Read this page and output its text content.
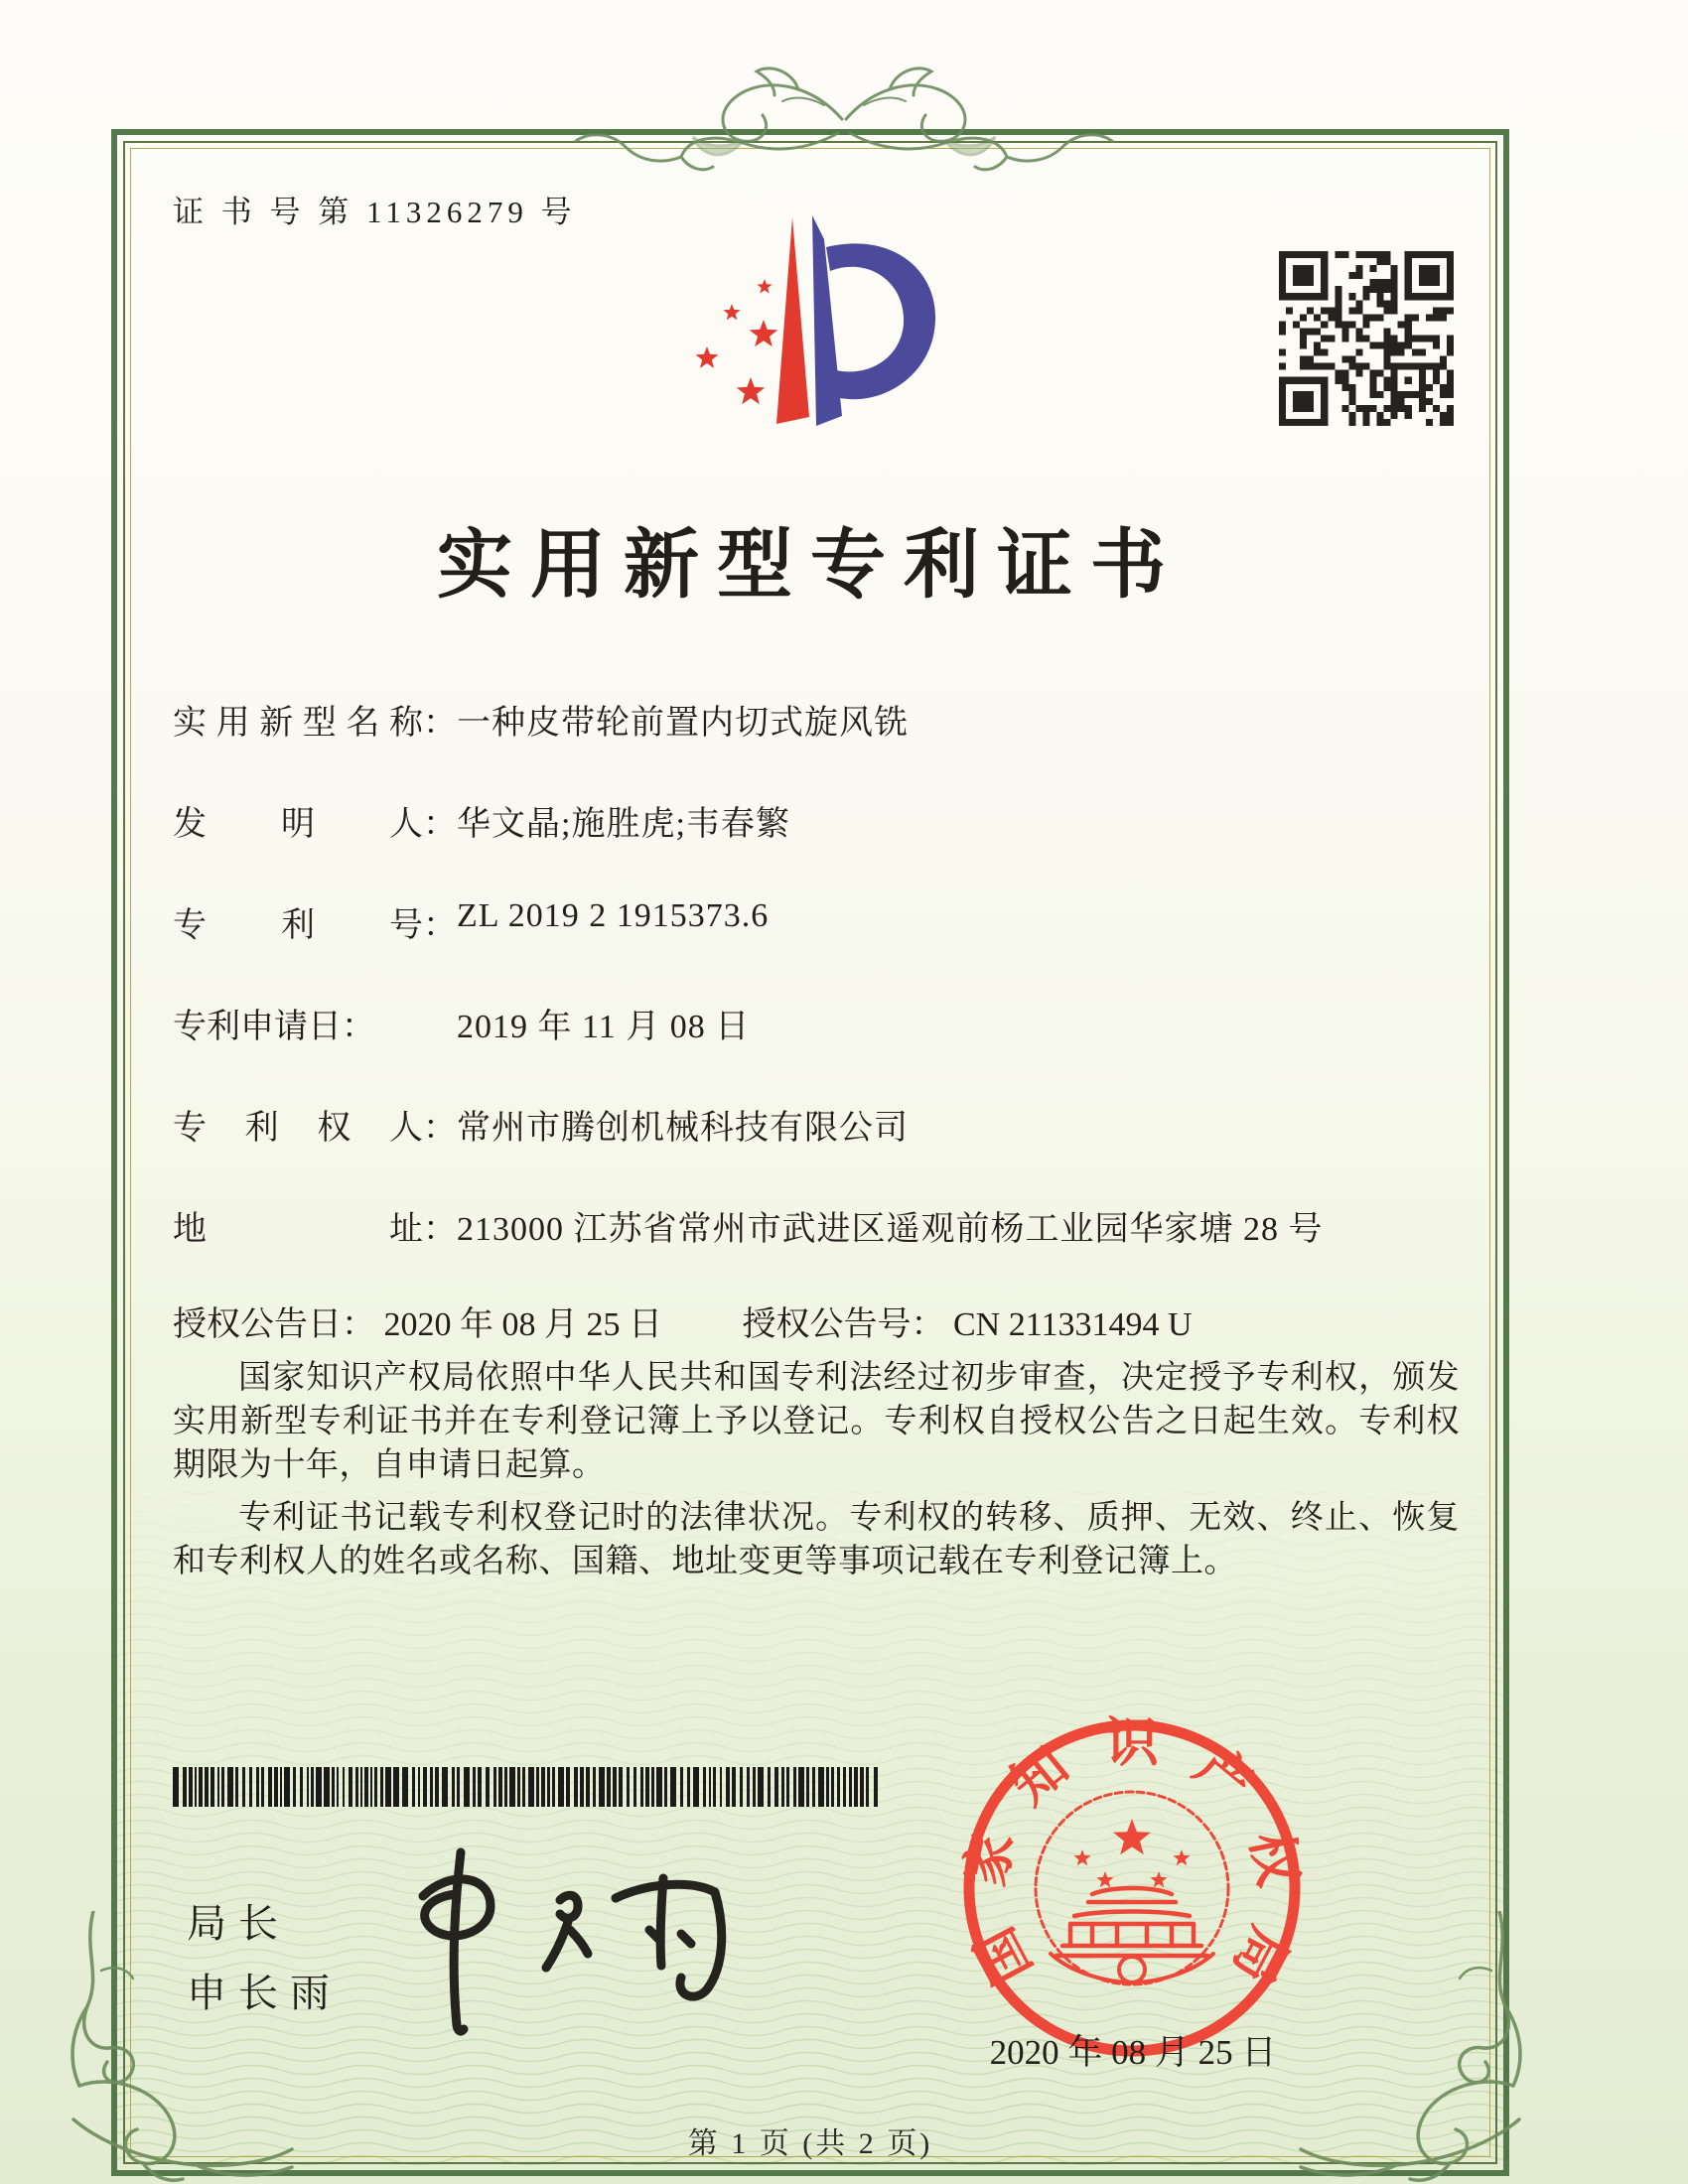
证 书 号 第 11326279 号
实用新型专利证书
实用新型名称： 一种皮带轮前置内切式旋风铣
发明人： 华文晶;施胜虎;韦春繁
专利号： ZL 2019 2 1915373.6
专利申请日： 2019 年 11 月 08 日
专利权人： 常州市腾创机械科技有限公司
地址： 213000 江苏省常州市武进区遥观前杨工业园华家塘 28 号
授权公告日： 2020 年 08 月 25 日 授权公告号： CN 211331494 U

国家知识产权局依照中华人民共和国专利法经过初步审查，决定授予专利权，颁发实用新型专利证书并在专利登记簿上予以登记。专利权自授权公告之日起生效。专利权期限为十年，自申请日起算。

专利证书记载专利权登记时的法律状况。专利权的转移、质押、无效、终止、恢复和专利权人的姓名或名称、国籍、地址变更等事项记载在专利登记簿上。

局长
申长雨	国家知识产权局
2020 年 08 月 25 日
第 1 页 (共 2 页)
